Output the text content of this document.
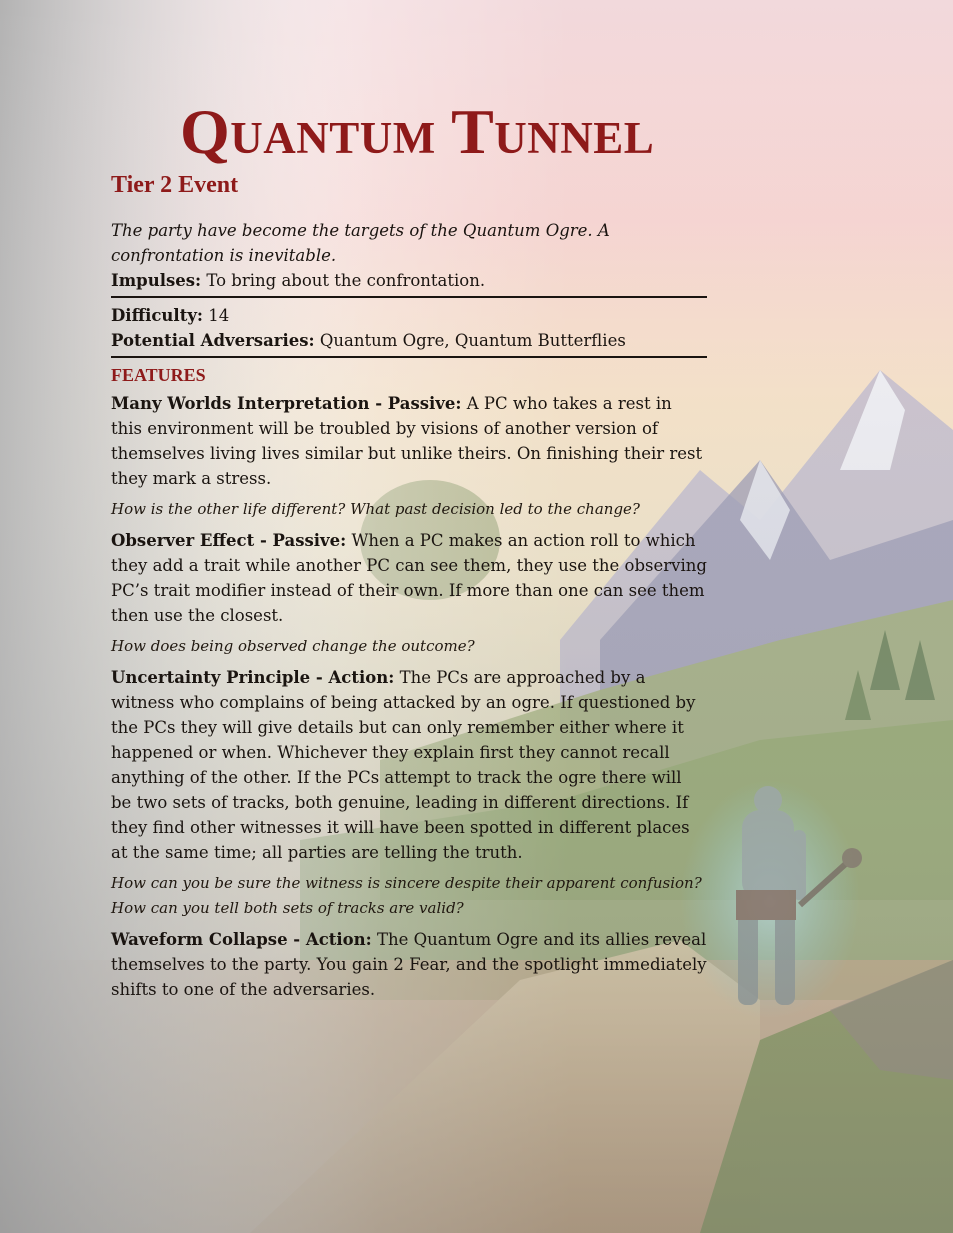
Quantum Tunnel
Tier 2 Event

The party have become the targets of the Quantum Ogre. A confrontation is inevitable.

Impulses: To bring about the confrontation.

Difficulty: 14

Potential Adversaries: Quantum Ogre, Quantum Butterflies

FEATURES

Many Worlds Interpretation - Passive: A PC who takes a rest in this environment will be troubled by visions of another version of themselves living lives similar but unlike theirs. On finishing their rest they mark a stress.

How is the other life different? What past decision led to the change?

Observer Effect - Passive: When a PC makes an action roll to which they add a trait while another PC can see them, they use the observing PC’s trait modifier instead of their own. If more than one can see them then use the closest.

How does being observed change the outcome?

Uncertainty Principle - Action: The PCs are approached by a witness who complains of being attacked by an ogre. If questioned by the PCs they will give details but can only remember either where it happened or when. Whichever they explain first they cannot recall anything of the other. If the PCs attempt to track the ogre there will be two sets of tracks, both genuine, leading in different directions. If they find other witnesses it will have been spotted in different places at the same time; all parties are telling the truth.

How can you be sure the witness is sincere despite their apparent confusion? How can you tell both sets of tracks are valid?

Waveform Collapse - Action: The Quantum Ogre and its allies reveal themselves to the party. You gain 2 Fear, and the spotlight immediately shifts to one of the adversaries.
